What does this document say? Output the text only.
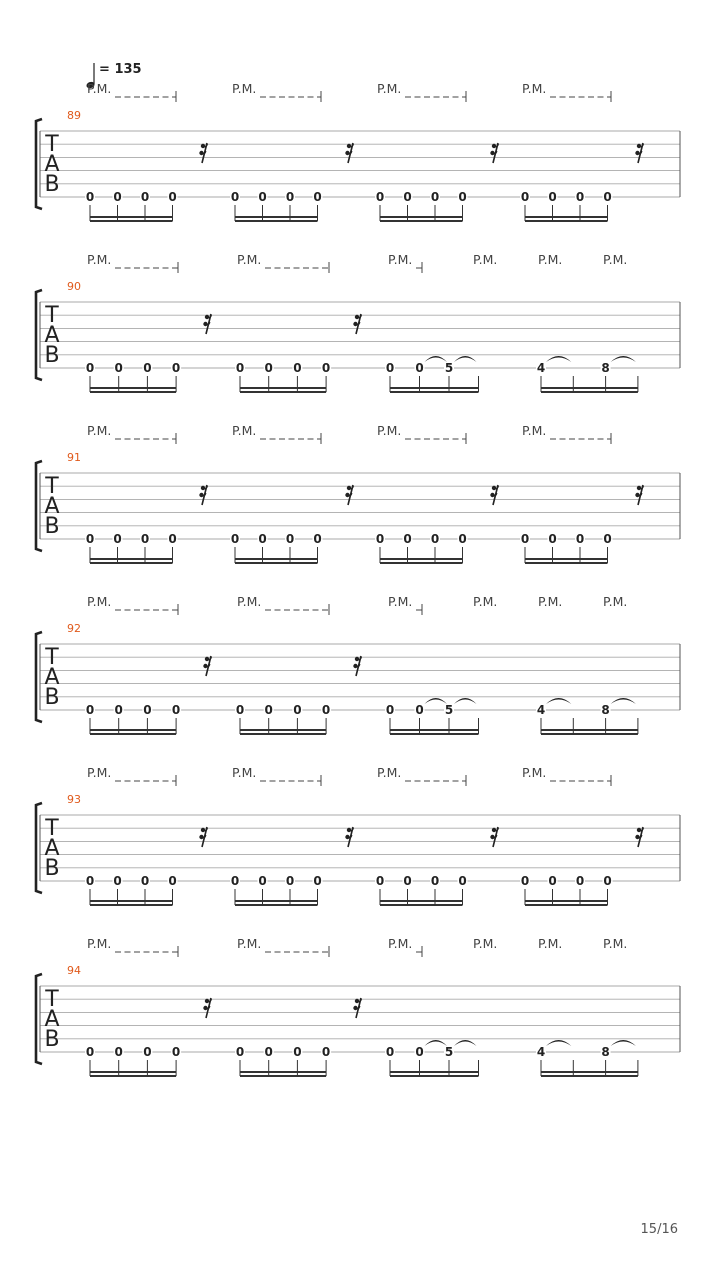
= 135
P.M.	P.M.	P.M.	P.M.
89
T
A
B 0 0 0 0	0 0 0 0	0 0 0 0	0 0 0 0
P.M.	P.M.	P.M.	P.M.	P.M.	P.M.
90
T
A
B 0 0 0 0	0 0 0 0	0 0 5	4	8
P.M.	P.M.	P.M.	P.M.
91
T
A
B 0 0 0 0	0 0 0 0	0 0 0 0	0 0 0 0
P.M.	P.M.	P.M.	P.M.	P.M.	P.M.
92
T
A
B 0 0 0 0	0 0 0 0	0 0 5	4	8
P.M.	P.M.	P.M.	P.M.
93
T
A
B 0 0 0 0	0 0 0 0	0 0 0 0	0 0 0 0
P.M.	P.M.	P.M.	P.M.	P.M.	P.M.
94
T
A
B 0 0 0 0	0 0 0 0	0 0 5	4	8
15/16
